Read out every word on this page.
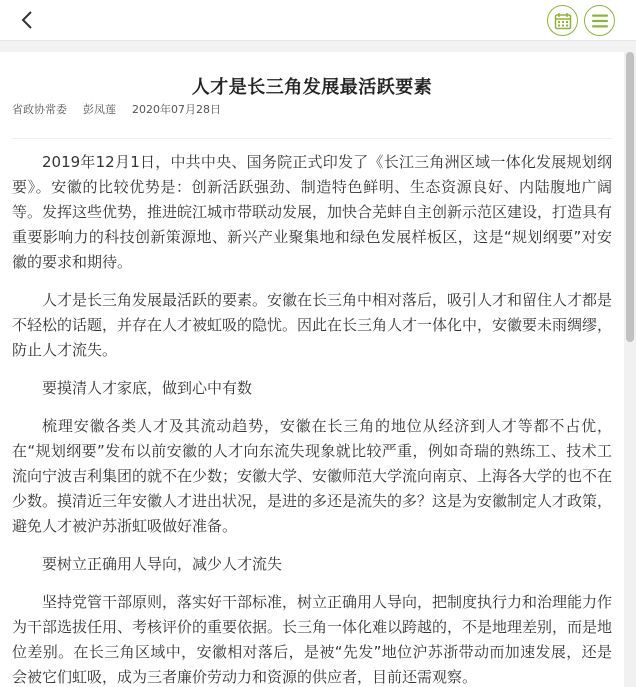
人才是长三角发展最活跃要素
省政协常委 彭凤莲 2020年07月28日

2019年12月1日，中共中央、国务院正式印发了《长江三角洲区域一体化发展规划纲要》。安徽的比较优势是：创新活跃强劲、制造特色鲜明、生态资源良好、内陆腹地广阔等。发挥这些优势，推进皖江城市带联动发展，加快合芜蚌自主创新示范区建设，打造具有重要影响力的科技创新策源地、新兴产业聚集地和绿色发展样板区，这是“规划纲要”对安徽的要求和期待。

人才是长三角发展最活跃的要素。安徽在长三角中相对落后，吸引人才和留住人才都是不轻松的话题，并存在人才被虹吸的隐忧。因此在长三角人才一体化中，安徽要未雨绸缪，防止人才流失。

要摸清人才家底，做到心中有数

梳理安徽各类人才及其流动趋势，安徽在长三角的地位从经济到人才等都不占优，在“规划纲要”发布以前安徽的人才向东流失现象就比较严重，例如奇瑞的熟练工、技术工流向宁波吉利集团的就不在少数；安徽大学、安徽师范大学流向南京、上海各大学的也不在少数。摸清近三年安徽人才进出状况，是进的多还是流失的多？这是为安徽制定人才政策，避免人才被沪苏浙虹吸做好准备。

要树立正确用人导向，减少人才流失

坚持党管干部原则，落实好干部标准，树立正确用人导向，把制度执行力和治理能力作为干部选拔任用、考核评价的重要依据。长三角一体化难以跨越的，不是地理差别，而是地位差别。在长三角区域中，安徽相对落后，是被“先发”地位沪苏浙带动而加速发展，还是会被它们虹吸，成为三者廉价劳动力和资源的供应者，目前还需观察。
